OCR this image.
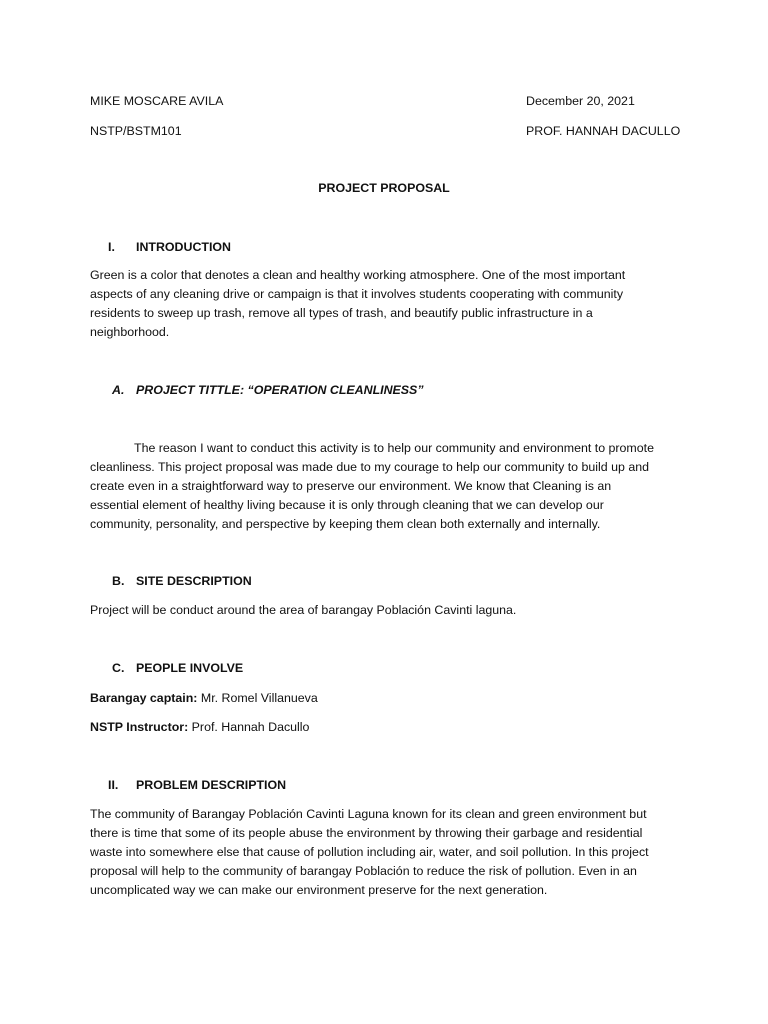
MIKE MOSCARE AVILA	December 20, 2021

NSTP/BSTM101	PROF. HANNAH DACULLO

PROJECT PROPOSAL

I. INTRODUCTION

Green is a color that denotes a clean and healthy working atmosphere. One of the most important
aspects of any cleaning drive or campaign is that it involves students cooperating with community
residents to sweep up trash, remove all types of trash, and beautify public infrastructure in a
neighborhood.

A. PROJECT TITTLE: “OPERATION CLEANLINESS”

The reason I want to conduct this activity is to help our community and environment to promote
cleanliness. This project proposal was made due to my courage to help our community to build up and
create even in a straightforward way to preserve our environment. We know that Cleaning is an
essential element of healthy living because it is only through cleaning that we can develop our
community, personality, and perspective by keeping them clean both externally and internally.

B. SITE DESCRIPTION

Project will be conduct around the area of barangay Población Cavinti laguna.

C. PEOPLE INVOLVE

Barangay captain: Mr. Romel Villanueva

NSTP Instructor: Prof. Hannah Dacullo

II. PROBLEM DESCRIPTION

The community of Barangay Población Cavinti Laguna known for its clean and green environment but
there is time that some of its people abuse the environment by throwing their garbage and residential
waste into somewhere else that cause of pollution including air, water, and soil pollution. In this project
proposal will help to the community of barangay Población to reduce the risk of pollution. Even in an
uncomplicated way we can make our environment preserve for the next generation.
